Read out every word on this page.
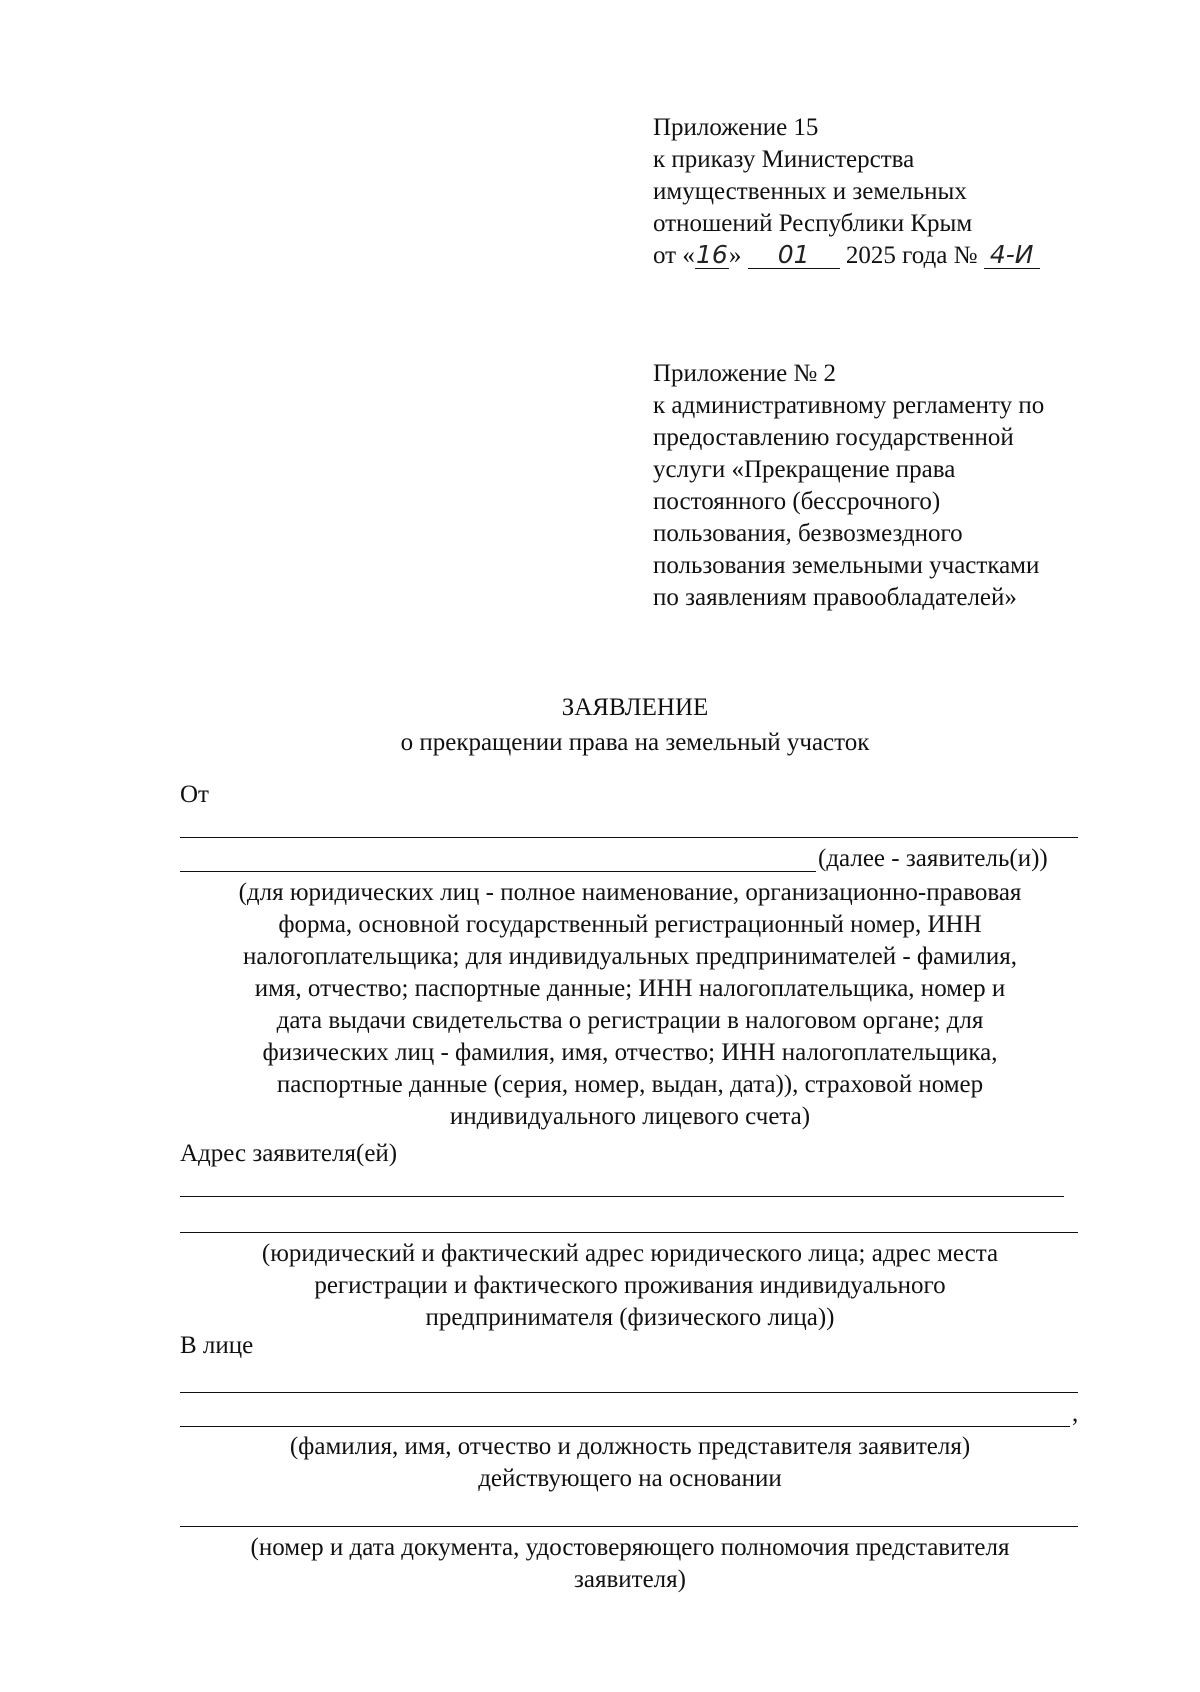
Приложение 15
к приказу Министерства
имущественных и земельных
отношений Республики Крым
от «16» 01 2025 года № 4-И
Приложение № 2
к административному регламенту по
предоставлению государственной
услуги «Прекращение права
постоянного (бессрочного)
пользования, безвозмездного
пользования земельными участками
по заявлениям правообладателей»
ЗАЯВЛЕНИЕ
о прекращении права на земельный участок
От
(далее - заявитель(и))
(для юридических лиц - полное наименование, организационно-правовая
форма, основной государственный регистрационный номер, ИНН
налогоплательщика; для индивидуальных предпринимателей - фамилия,
имя, отчество; паспортные данные; ИНН налогоплательщика, номер и
дата выдачи свидетельства о регистрации в налоговом органе; для
физических лиц - фамилия, имя, отчество; ИНН налогоплательщика,
паспортные данные (серия, номер, выдан, дата)), страховой номер
индивидуального лицевого счета)
Адрес заявителя(ей)
(юридический и фактический адрес юридического лица; адрес места
регистрации и фактического проживания индивидуального
предпринимателя (физического лица))
В лице
,
(фамилия, имя, отчество и должность представителя заявителя)
действующего на основании
(номер и дата документа, удостоверяющего полномочия представителя
заявителя)
